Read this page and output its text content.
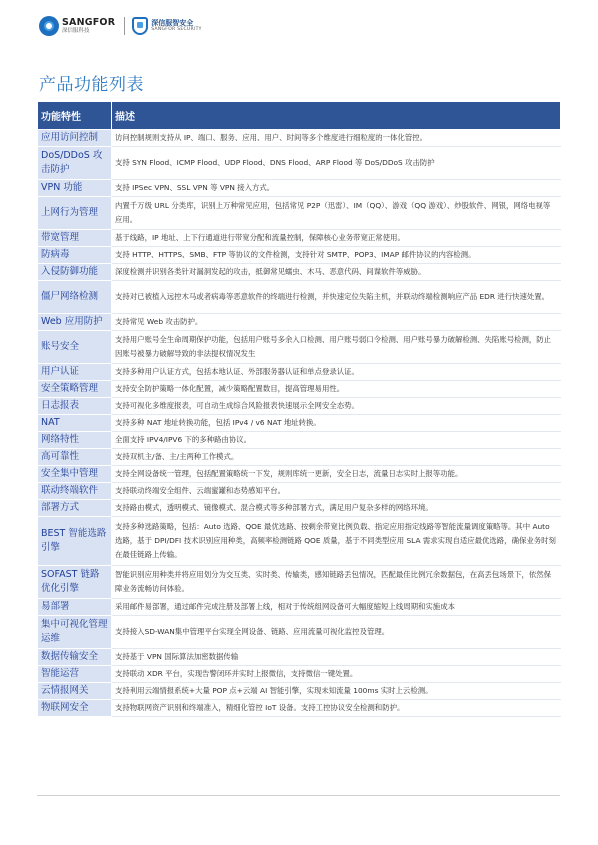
SANGFOR
深信服科技
深信服智安全
SANGFOR SECURITY
产品功能列表
功能特性	描述
应用访问控制	访问控制规则支持从 IP、端口、服务、应用、用户、时间等多个维度进行细粒度的一体化管控。
DoS/DDoS 攻击防护	支持 SYN Flood、ICMP Flood、UDP Flood、DNS Flood、ARP Flood 等 DoS/DDoS 攻击防护
VPN 功能	支持 IPSec VPN、SSL VPN 等 VPN 接入方式。
上网行为管理	内置千万级 URL 分类库，识别上万种常见应用，包括常见 P2P（迅雷）、IM（QQ）、游戏（QQ 游戏）、炒股软件、网银，网络电视等应用。
带宽管理	基于线路，IP 地址、上下行通道进行带宽分配和流量控制，保障核心业务带宽正常使用。
防病毒	支持 HTTP、HTTPS、SMB、FTP 等协议的文件检测，支持针对 SMTP、POP3、IMAP 邮件协议的内容检测。
入侵防御功能	深度检测并识别各类针对漏洞发起的攻击，抵御常见蠕虫、木马、恶意代码、间谍软件等威胁。
僵尸网络检测	支持对已被植入远控木马或者病毒等恶意软件的终端进行检测，并快速定位失陷主机，并联动终端检测响应产品 EDR 进行快速处置。
Web 应用防护	支持常见 Web 攻击防护。
账号安全	支持用户账号全生命周期保护功能，包括用户账号多余入口检测、用户账号弱口令检测、用户账号暴力破解检测、失陷账号检测，防止因账号被暴力破解导致的非法提权情况发生
用户认证	支持多种用户认证方式，包括本地认证、外部服务器认证和单点登录认证。
安全策略管理	支持安全防护策略一体化配置，减少策略配置数目，提高管理易用性。
日志报表	支持可视化多维度报表，可自动生成综合风险报表快速展示全网安全态势。
NAT	支持多种 NAT 地址转换功能，包括 IPv4 / v6 NAT 地址转换。
网络特性	全面支持 IPV4/IPV6 下的多种路由协议。
高可靠性	支持双机主/备、主/主两种工作模式。
安全集中管理	支持全网设备统一管理，包括配置策略统一下发，规则库统一更新，安全日志，流量日志实时上报等功能。
联动终端软件	支持联动终端安全组件、云端蜜罐和态势感知平台。
部署方式	支持路由模式，透明模式、镜像模式、混合模式等多种部署方式，满足用户复杂多样的网络环境。
BEST 智能选路引擎	支持多种选路策略，包括：Auto 选路、QOE 最优选路、按剩余带宽比例负载、指定应用指定线路等智能流量调度策略等。其中 Auto 选路，基于 DPI/DFI 技术识别应用种类，高频率检测链路 QOE 质量，基于不同类型应用 SLA 需求实现自适应最优选路，确保业务时刻在最佳链路上传输。
SOFAST 链路优化引擎	智能识别应用种类并将应用划分为交互类、实时类、传输类，感知链路丢包情况，匹配最佳比例冗余数据包，在高丢包场景下，依然保障业务流畅访问体验。
易部署	采用邮件易部署，通过邮件完成注册及部署上线，相对于传统组网设备可大幅度缩短上线周期和实施成本
集中可视化管理运维	支持接入SD-WAN集中管理平台实现全网设备、链路、应用流量可视化监控及管理。
数据传输安全	支持基于 VPN 国际算法加密数据传输
智能运营	支持联动 XDR 平台，实现告警闭环并实时上报微信，支持微信一键处置。
云情报网关	支持利用云端情报系统+大量 POP 点+云端 AI 智能引擎，实现未知流量 100ms 实时上云检测。
物联网安全	支持物联网资产识别和终端准入，精细化管控 IoT 设备。支持工控协议安全检测和防护。
